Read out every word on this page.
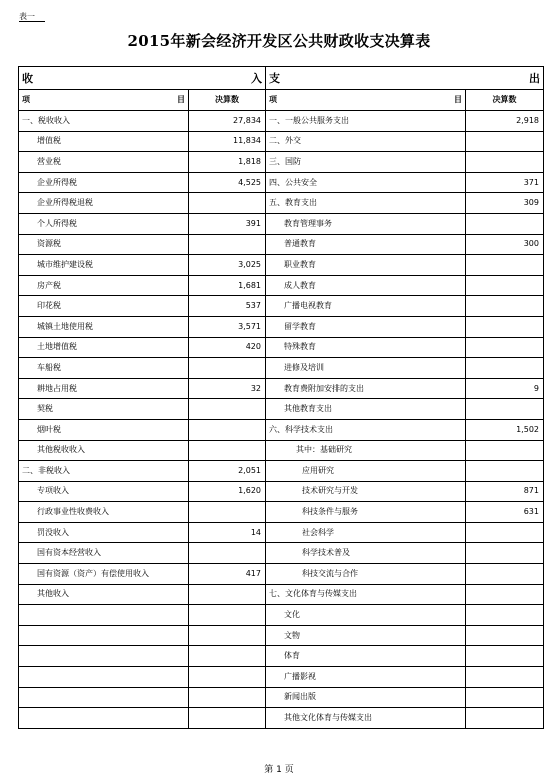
表一
2015年新会经济开发区公共财政收支决算表
收 入		支 出	

项 目	决算数	项 目	决算数
一、税收收入	27,834	一、一般公共服务支出	2,918
增值税	11,834	二、外交	
营业税	1,818	三、国防	
企业所得税	4,525	四、公共安全	371
企业所得税退税		五、教育支出	309
个人所得税	391	教育管理事务	
资源税		普通教育	300
城市维护建设税	3,025	职业教育	
房产税	1,681	成人教育	
印花税	537	广播电视教育	
城镇土地使用税	3,571	留学教育	
土地增值税	420	特殊教育	
车船税		进修及培训	
耕地占用税	32	教育费附加安排的支出	9
契税		其他教育支出	
烟叶税		六、科学技术支出	1,502
其他税收收入		其中：基础研究	
二、非税收入	2,051	应用研究	
专项收入	1,620	技术研究与开发	871
行政事业性收费收入		科技条件与服务	631
罚没收入	14	社会科学	
国有资本经营收入		科学技术普及	
国有资源（资产）有偿使用收入	417	科技交流与合作	
其他收入		七、文化体育与传媒支出	
		文化	
		文物	
		体育	
		广播影视	
		新闻出版	
		其他文化体育与传媒支出	
第 1 页
